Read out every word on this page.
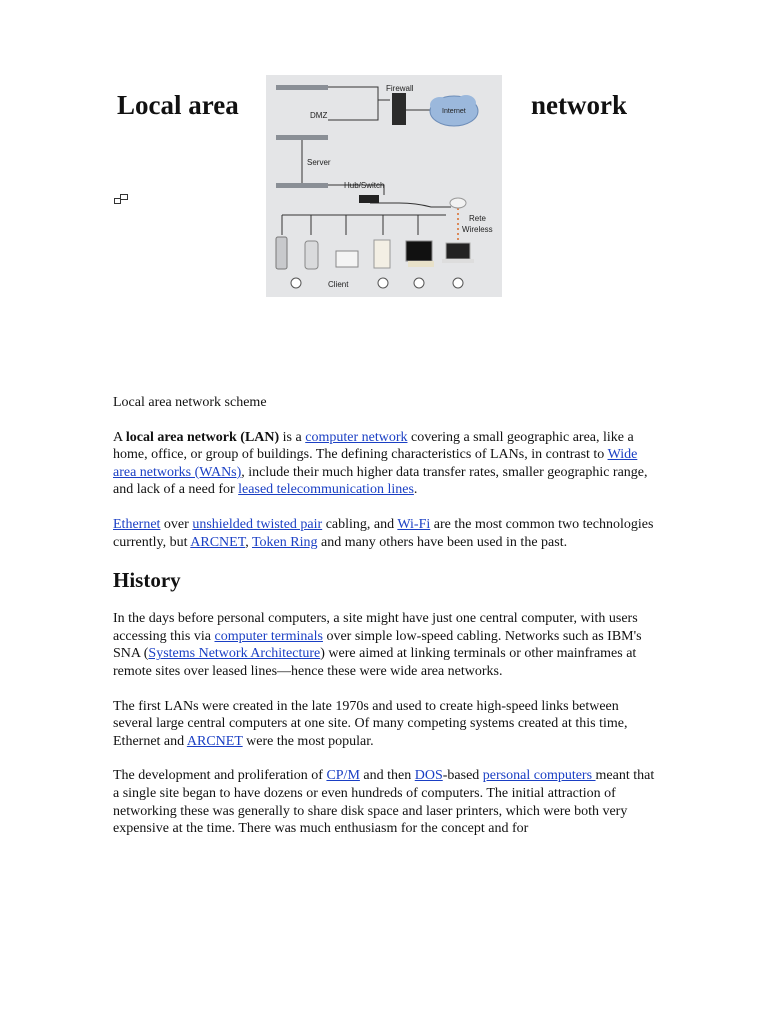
Local area	network
Firewall
Internet
DMZ
Server
Hub/Switch
Rete
Wireless
Client

Local area network scheme

A local area network (LAN) is a computer network covering a small geographic area, like a home, office, or group of buildings. The defining characteristics of LANs, in contrast to Wide area networks (WANs), include their much higher data transfer rates, smaller geographic range, and lack of a need for leased telecommunication lines.

Ethernet over unshielded twisted pair cabling, and Wi-Fi are the most common two technologies currently, but ARCNET, Token Ring and many others have been used in the past.

History

In the days before personal computers, a site might have just one central computer, with users accessing this via computer terminals over simple low-speed cabling. Networks such as IBM's SNA (Systems Network Architecture) were aimed at linking terminals or other mainframes at remote sites over leased lines—hence these were wide area networks.

The first LANs were created in the late 1970s and used to create high-speed links between several large central computers at one site. Of many competing systems created at this time, Ethernet and ARCNET were the most popular.

The development and proliferation of CP/M and then DOS-based personal computers meant that a single site began to have dozens or even hundreds of computers. The initial attraction of networking these was generally to share disk space and laser printers, which were both very expensive at the time. There was much enthusiasm for the concept and for
